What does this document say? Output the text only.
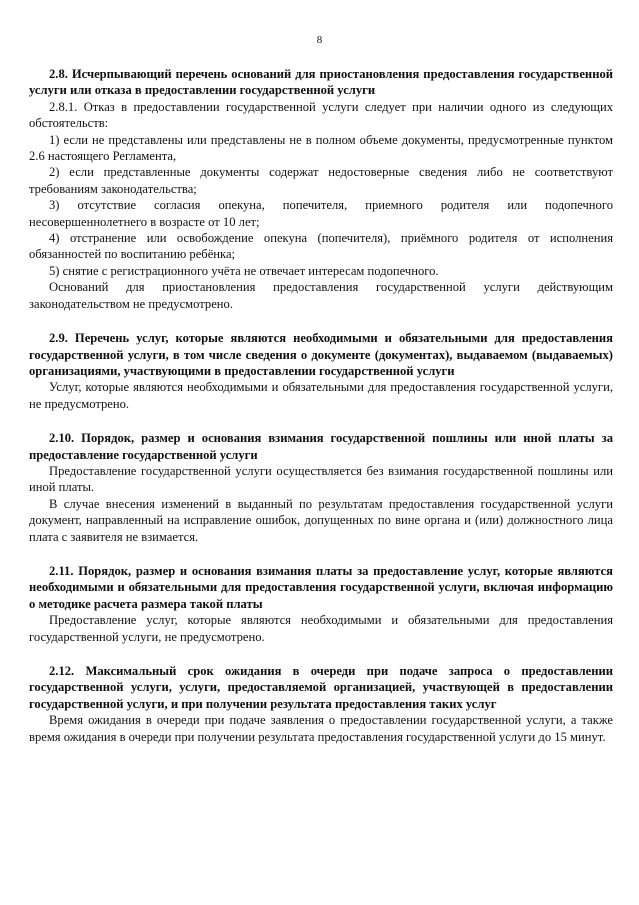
8

2.8. Исчерпывающий перечень оснований для приостановления предоставления государственной услуги или отказа в предоставлении государственной услуги

2.8.1. Отказ в предоставлении государственной услуги следует при наличии одного из следующих обстоятельств:

1) если не представлены или представлены не в полном объеме документы, предусмотренные пунктом 2.6 настоящего Регламента,

2) если представленные документы содержат недостоверные сведения либо не соответствуют требованиям законодательства;

3) отсутствие согласия опекуна, попечителя, приемного родителя или подопечного несовершеннолетнего в возрасте от 10 лет;

4) отстранение или освобождение опекуна (попечителя), приёмного родителя от исполнения обязанностей по воспитанию ребёнка;

5) снятие с регистрационного учёта не отвечает интересам подопечного.

Оснований для приостановления предоставления государственной услуги действующим законодательством не предусмотрено.

2.9. Перечень услуг, которые являются необходимыми и обязательными для предоставления государственной услуги, в том числе сведения о документе (документах), выдаваемом (выдаваемых) организациями, участвующими в предоставлении государственной услуги

Услуг, которые являются необходимыми и обязательными для предоставления государственной услуги, не предусмотрено.

2.10. Порядок, размер и основания взимания государственной пошлины или иной платы за предоставление государственной услуги

Предоставление государственной услуги осуществляется без взимания государственной пошлины или иной платы.

В случае внесения изменений в выданный по результатам предоставления государственной услуги документ, направленный на исправление ошибок, допущенных по вине органа и (или) должностного лица плата с заявителя не взимается.

2.11. Порядок, размер и основания взимания платы за предоставление услуг, которые являются необходимыми и обязательными для предоставления государственной услуги, включая информацию о методике расчета размера такой платы

Предоставление услуг, которые являются необходимыми и обязательными для предоставления государственной услуги, не предусмотрено.

2.12. Максимальный срок ожидания в очереди при подаче запроса о предоставлении государственной услуги, услуги, предоставляемой организацией, участвующей в предоставлении государственной услуги, и при получении результата предоставления таких услуг

Время ожидания в очереди при подаче заявления о предоставлении государственной услуги, а также время ожидания в очереди при получении результата предоставления государственной услуги до 15 минут.
